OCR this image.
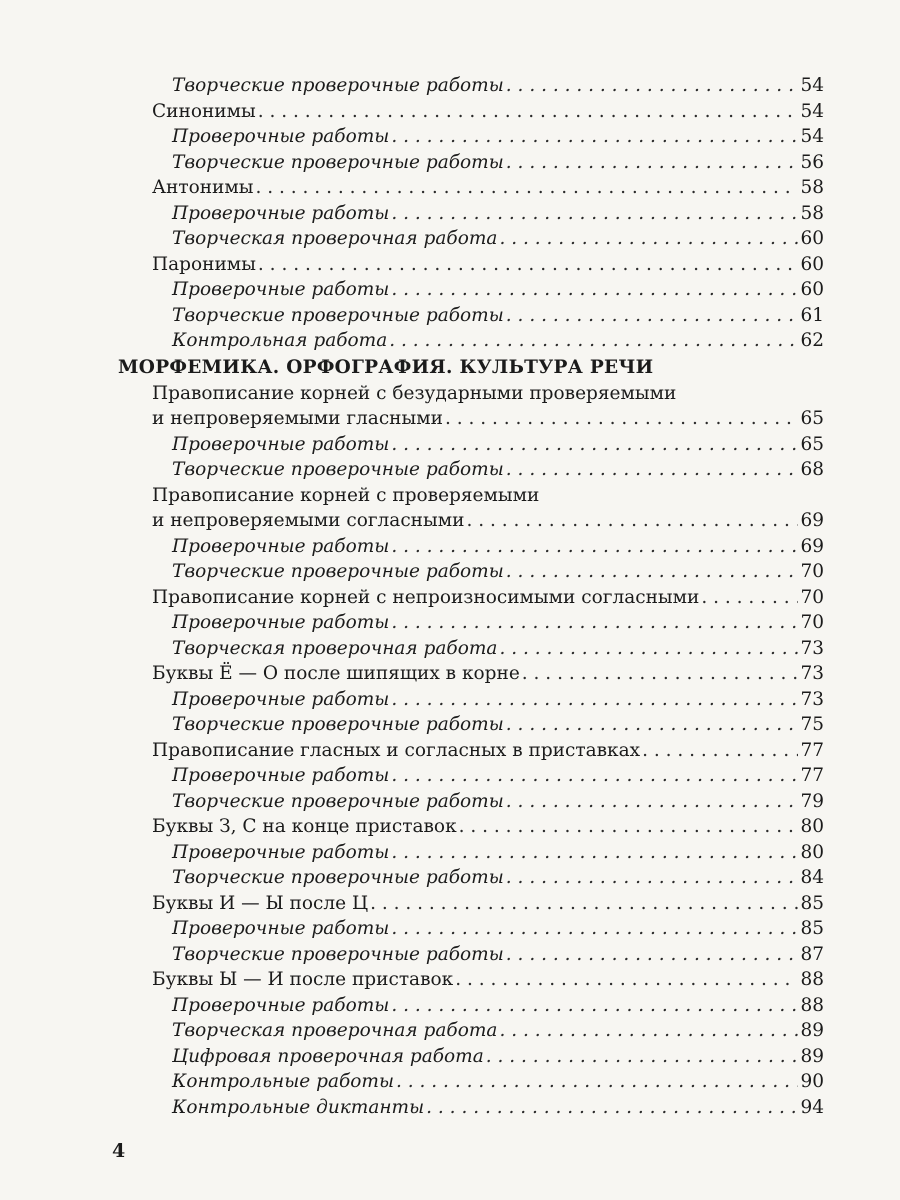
Творческие проверочные работы . . .	54
Синонимы . . .	54
Проверочные работы . . .	54
Творческие проверочные работы . . .	56
Антонимы . . .	58
Проверочные работы . . .	58
Творческая проверочная работа . . .	60
Паронимы . . .	60
Проверочные работы . . .	60
Творческие проверочные работы . . .	61
Контрольная работа . . .	62
МОРФЕМИКА. ОРФОГРАФИЯ. КУЛЬТУРА РЕЧИ
Правописание корней с безударными проверяемыми
и непроверяемыми гласными . . .	65
Проверочные работы . . .	65
Творческие проверочные работы . . .	68
Правописание корней с проверяемыми
и непроверяемыми согласными . . .	69
Проверочные работы . . .	69
Творческие проверочные работы . . .	70
Правописание корней с непроизносимыми согласными . . .	70
Проверочные работы . . .	70
Творческая проверочная работа . . .	73
Буквы Ё — О после шипящих в корне . . .	73
Проверочные работы . . .	73
Творческие проверочные работы . . .	75
Правописание гласных и согласных в приставках . . .	77
Проверочные работы . . .	77
Творческие проверочные работы . . .	79
Буквы З, С на конце приставок . . .	80
Проверочные работы . . .	80
Творческие проверочные работы . . .	84
Буквы И — Ы после Ц . . .	85
Проверочные работы . . .	85
Творческие проверочные работы . . .	87
Буквы Ы — И после приставок . . .	88
Проверочные работы . . .	88
Творческая проверочная работа . . .	89
Цифровая проверочная работа . . .	89
Контрольные работы . . .	90
Контрольные диктанты . . .	94
4
